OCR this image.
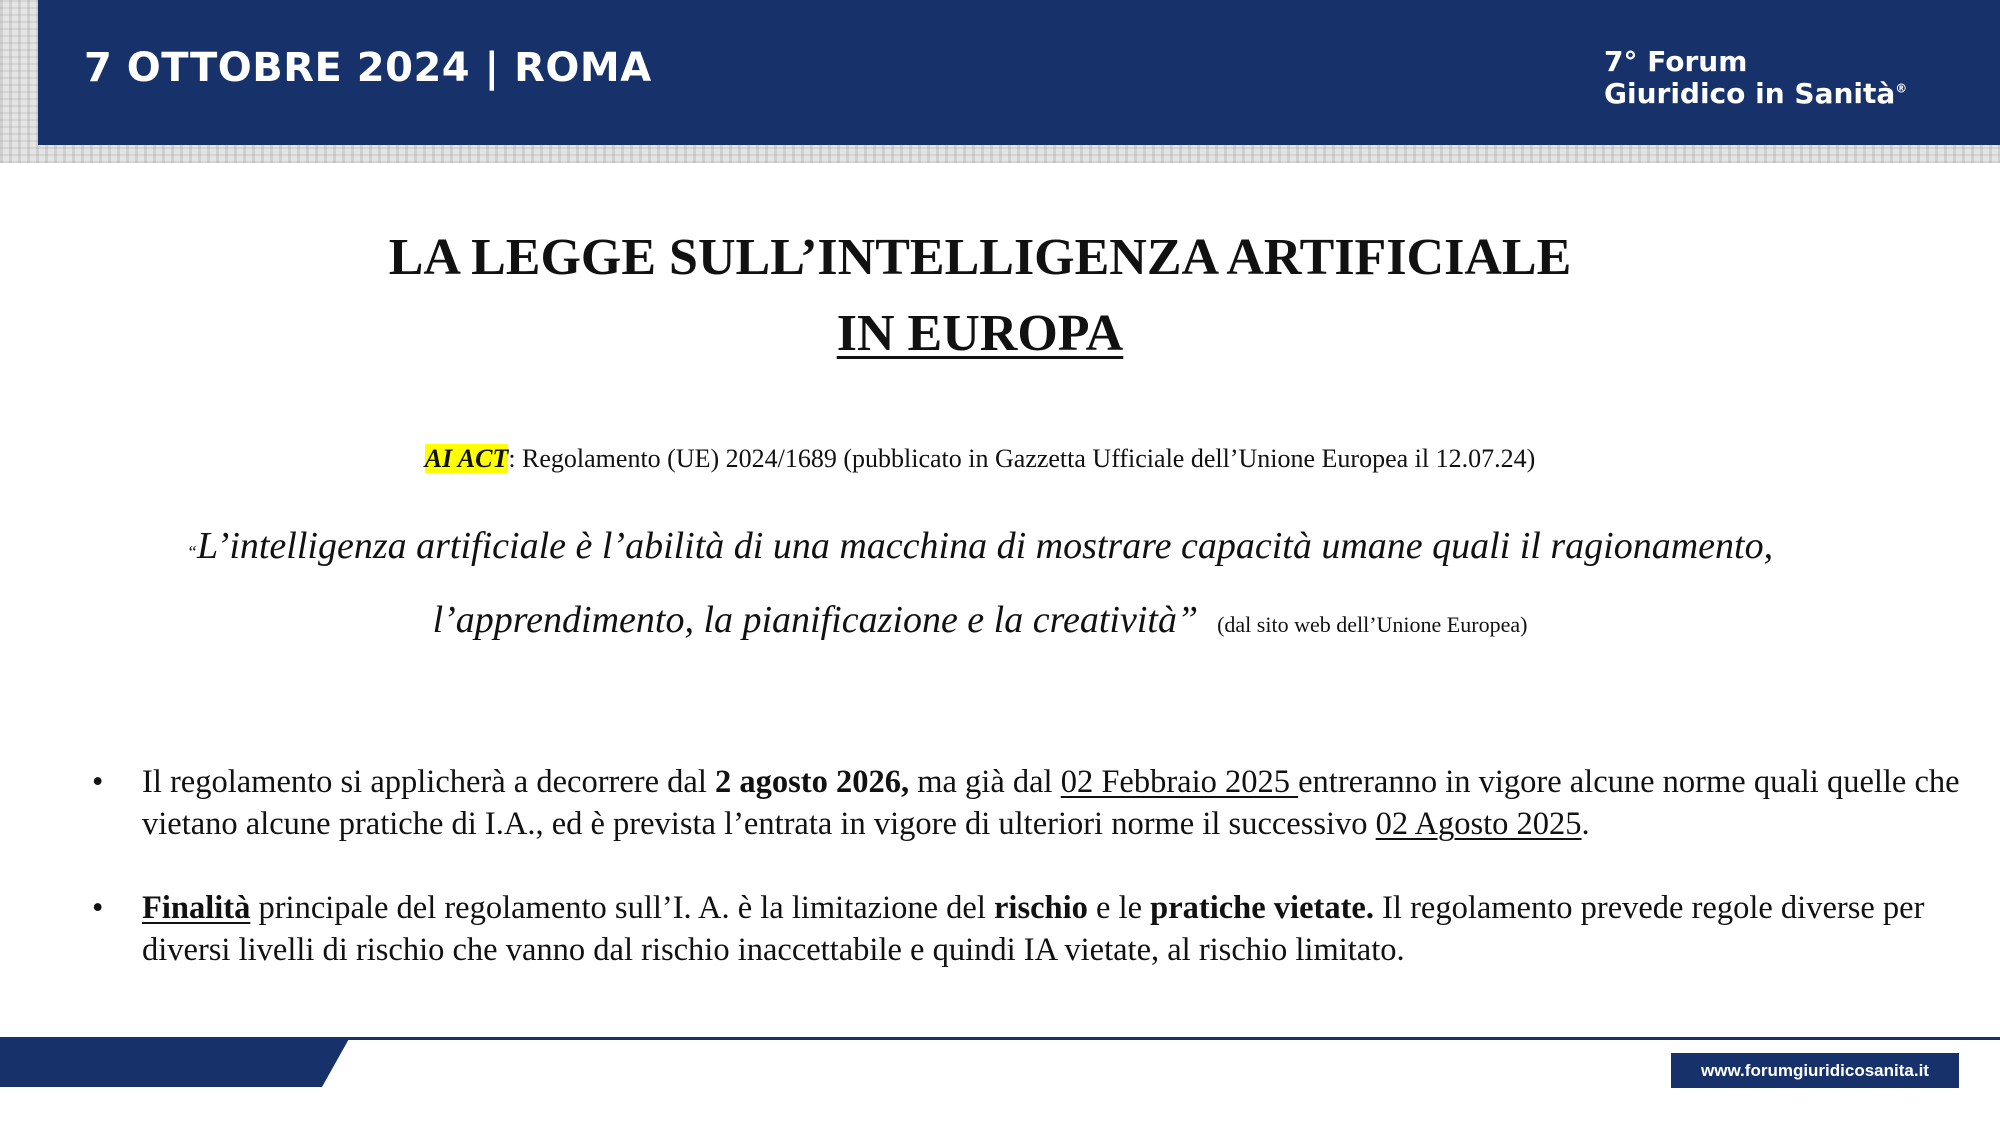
7 OTTOBRE 2024 | ROMA	7° Forum
Giuridico in Sanità®
LA LEGGE SULL’INTELLIGENZA ARTIFICIALE
IN EUROPA
AI ACT: Regolamento (UE) 2024/1689 (pubblicato in Gazzetta Ufficiale dell’Unione Europea il 12.07.24)
“L’intelligenza artificiale è l’abilità di una macchina di mostrare capacità umane quali il ragionamento,
l’apprendimento, la pianificazione e la creatività” (dal sito web dell’Unione Europea)
• Il regolamento si applicherà a decorrere dal 2 agosto 2026, ma già dal 02 Febbraio 2025 entreranno in vigore alcune norme quali quelle che vietano alcune pratiche di I.A., ed è prevista l’entrata in vigore di ulteriori norme il successivo 02 Agosto 2025.
• Finalità principale del regolamento sull’I. A. è la limitazione del rischio e le pratiche vietate. Il regolamento prevede regole diverse per diversi livelli di rischio che vanno dal rischio inaccettabile e quindi IA vietate, al rischio limitato.
www.forumgiuridicosanita.it
